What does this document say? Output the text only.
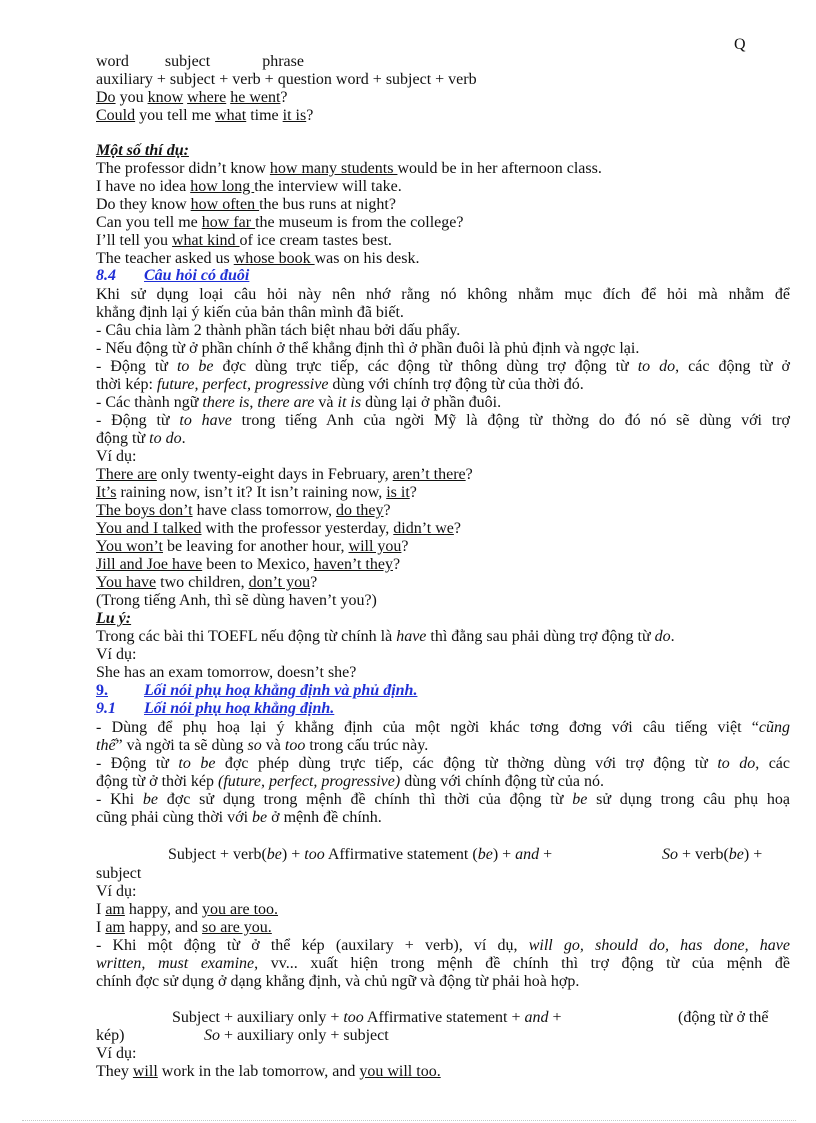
Q
word subject	phrase
auxiliary + subject + verb + question word + subject + verb
Do you know where he went?
Could you tell me what time it is?
Một số thí dụ:
The professor didn’t know how many students would be in her afternoon class.
I have no idea how long the interview will take.
Do they know how often the bus runs at night?
Can you tell me how far the museum is from the college?
I’ll tell you what kind of ice cream tastes best.
The teacher asked us whose book was on his desk.
8.4 Câu hỏi có đuôi
Khi sử dụng loại câu hỏi này nên nhớ rằng nó không nhằm mục đích để hỏi mà nhằm để
khẳng định lại ý kiến của bản thân mình đã biết.
- Câu chia làm 2 thành phần tách biệt nhau bởi dấu phẩy.
- Nếu động từ ở phần chính ở thể khẳng định thì ở phần đuôi là phủ định và ngợc lại.
- Động từ to be đợc dùng trực tiếp, các động từ thông dùng trợ động từ to do, các động từ ở
thời kép: future, perfect, progressive dùng với chính trợ động từ của thời đó.
- Các thành ngữ there is, there are và it is dùng lại ở phần đuôi.
- Động từ to have trong tiếng Anh của ngời Mỹ là động từ thờng do đó nó sẽ dùng với trợ
động từ to do.
Ví dụ:
There are only twenty-eight days in February, aren’t there?
It’s raining now, isn’t it? It isn’t raining now, is it?
The boys don’t have class tomorrow, do they?
You and I talked with the professor yesterday, didn’t we?
You won’t be leaving for another hour, will you?
Jill and Joe have been to Mexico, haven’t they?
You have two children, don’t you?
(Trong tiếng Anh, thì sẽ dùng haven’t you?)
Lu ý:
Trong các bài thi TOEFL nếu động từ chính là have thì đằng sau phải dùng trợ động từ do.
Ví dụ:
She has an exam tomorrow, doesn’t she?
9. Lối nói phụ hoạ khẳng định và phủ định.
9.1 Lối nói phụ hoạ khẳng định.
- Dùng để phụ hoạ lại ý khẳng định của một ngời khác tơng đơng với câu tiếng việt “cũng
thế” và ngời ta sẽ dùng so và too trong cấu trúc này.
- Động từ to be đợc phép dùng trực tiếp, các động từ thờng dùng với trợ động từ to do, các
động từ ở thời kép (future, perfect, progressive) dùng với chính động từ của nó.
- Khi be đợc sử dụng trong mệnh đề chính thì thời của động từ be sử dụng trong câu phụ hoạ
cũng phải cùng thời với be ở mệnh đề chính.
Subject + verb(be) + too Affirmative statement (be) + and +	So + verb(be) +
subject
Ví dụ:
I am happy, and you are too.
I am happy, and so are you.
- Khi một động từ ở thể kép (auxilary + verb), ví dụ, will go, should do, has done, have
written, must examine, vv... xuất hiện trong mệnh đề chính thì trợ động từ của mệnh đề
chính đợc sử dụng ở dạng khẳng định, và chủ ngữ và động từ phải hoà hợp.
Subject + auxiliary only + too Affirmative statement + and +	(động từ ở thể
kép)	So + auxiliary only + subject
Ví dụ:
They will work in the lab tomorrow, and you will too.
